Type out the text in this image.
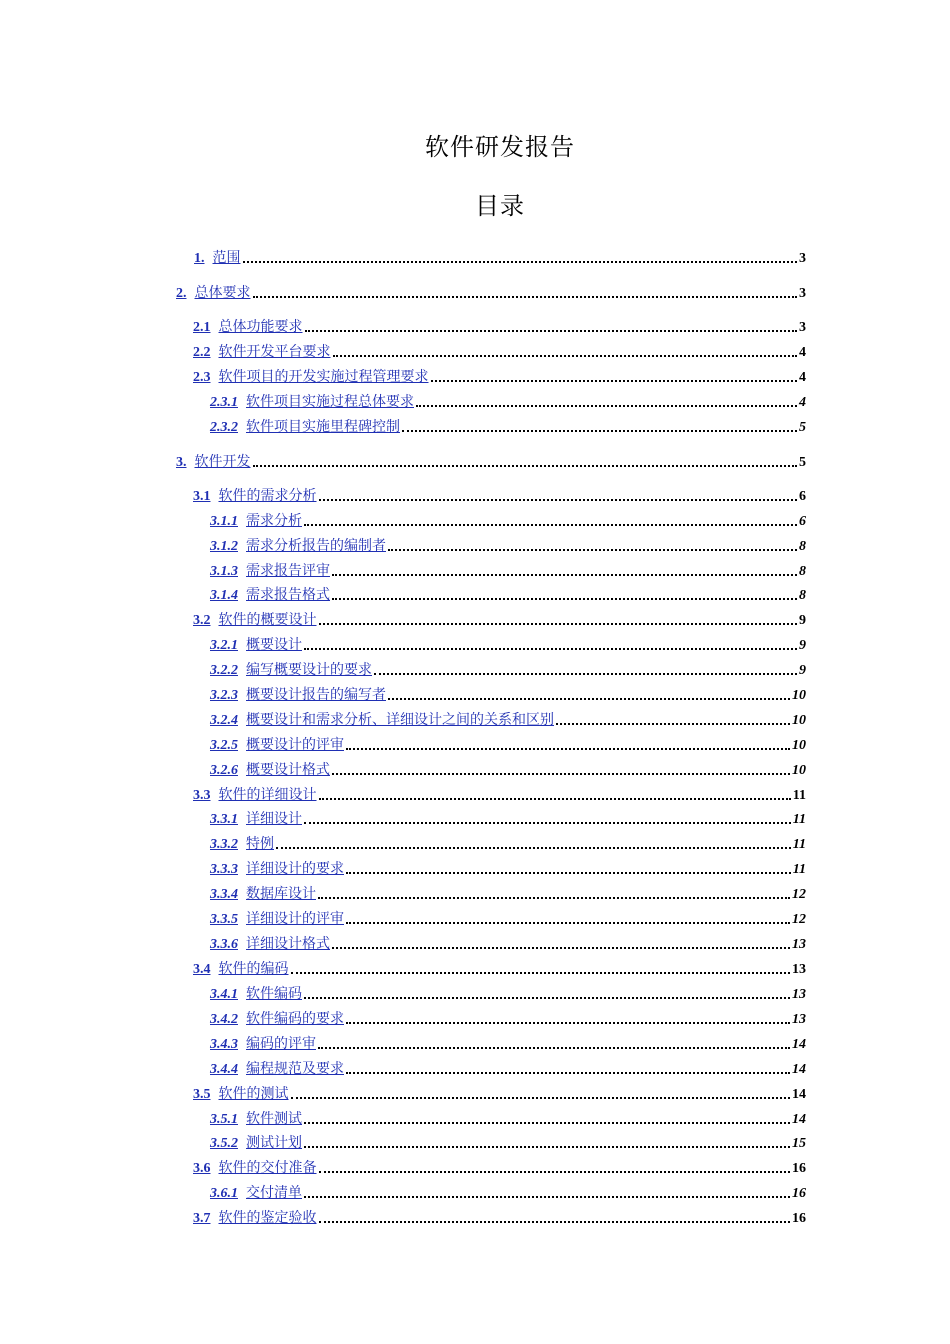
软件研发报告
目录
1. 范围	3
2. 总体要求	3
2.1 总体功能要求	3
2.2 软件开发平台要求	4
2.3 软件项目的开发实施过程管理要求	4
2.3.1 软件项目实施过程总体要求	4
2.3.2 软件项目实施里程碑控制	5
3. 软件开发	5
3.1 软件的需求分析	6
3.1.1 需求分析	6
3.1.2 需求分析报告的编制者	8
3.1.3 需求报告评审	8
3.1.4 需求报告格式	8
3.2 软件的概要设计	9
3.2.1 概要设计	9
3.2.2 编写概要设计的要求	9
3.2.3 概要设计报告的编写者	10
3.2.4 概要设计和需求分析、详细设计之间的关系和区别	10
3.2.5 概要设计的评审	10
3.2.6 概要设计格式	10
3.3 软件的详细设计	11
3.3.1 详细设计	11
3.3.2 特例	11
3.3.3 详细设计的要求	11
3.3.4 数据库设计	12
3.3.5 详细设计的评审	12
3.3.6 详细设计格式	13
3.4 软件的编码	13
3.4.1 软件编码	13
3.4.2 软件编码的要求	13
3.4.3 编码的评审	14
3.4.4 编程规范及要求	14
3.5 软件的测试	14
3.5.1 软件测试	14
3.5.2 测试计划	15
3.6 软件的交付准备	16
3.6.1 交付清单	16
3.7 软件的鉴定验收	16
